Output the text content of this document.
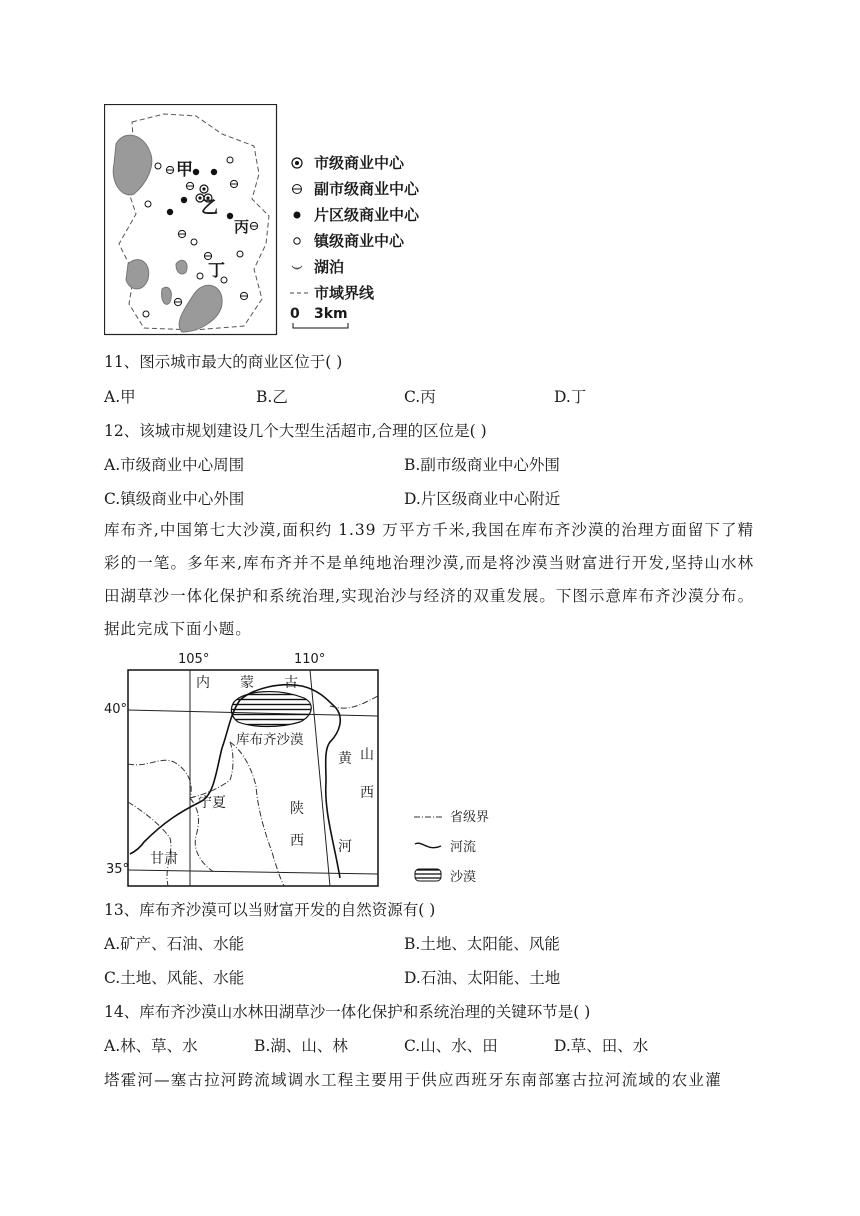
甲
乙
丙
丁
市级商业中心
副市级商业中心
片区级商业中心
镇级商业中心
湖泊
市域界线
0 3km
11、图示城市最大的商业区位于( )
A.甲	B.乙	C.丙	D.丁
12、该城市规划建设几个大型生活超市,合理的区位是( )
A.市级商业中心周围	B.副市级商业中心外围
C.镇级商业中心外围	D.片区级商业中心附近
库布齐,中国第七大沙漠,面积约 1.39 万平方千米,我国在库布齐沙漠的治理方面留下了精彩的一笔。多年来,库布齐并不是单纯地治理沙漠,而是将沙漠当财富进行开发,坚持山水林田湖草沙一体化保护和系统治理,实现治沙与经济的双重发展。下图示意库布齐沙漠分布。据此完成下面小题。
105°	110°
40°
35°
内 蒙 古
库布齐沙漠
宁夏	陕
西
甘肃
山
西
黄
河
省级界
河流
沙漠
13、库布齐沙漠可以当财富开发的自然资源有( )
A.矿产、石油、水能	B.土地、太阳能、风能
C.土地、风能、水能	D.石油、太阳能、土地
14、库布齐沙漠山水林田湖草沙一体化保护和系统治理的关键环节是( )
A.林、草、水	B.湖、山、林	C.山、水、田	D.草、田、水
塔霍河—塞古拉河跨流域调水工程主要用于供应西班牙东南部塞古拉河流域的农业灌
